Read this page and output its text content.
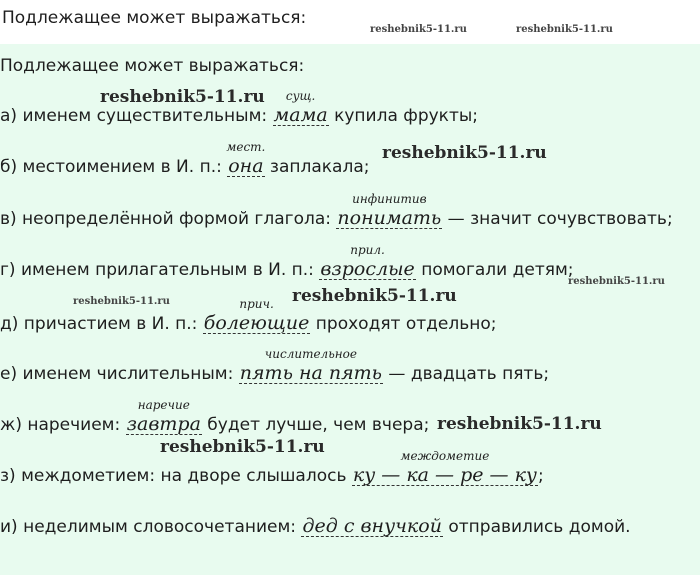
Подлежащее может выражаться:
reshebnik5-11.ru	reshebnik5-11.ru
Подлежащее может выражаться:
reshebnik5-11.ru
reshebnik5-11.ru
reshebnik5-11.ru
reshebnik5-11.ru	reshebnik5-11.ru
reshebnik5-11.ru
reshebnik5-11.ru
а) именем существительным:
сущ.
мама купила фрукты;
б) местоимением в И. п.:
мест.
она заплакала;
в) неопределённой формой глагола:
инфинитив
понимать — значит сочувствовать;
г) именем прилагательным в И. п.:
прил.
взрослые помогали детям;
д) причастием в И. п.:
прич.
болеющие проходят отдельно;
е) именем числительным:
числительное
пять на пять — двадцать пять;
ж) наречием:
наречие
завтра будет лучше, чем вчера;
з) междометием: на дворе слышалось
междометие
ку — ка — ре — ку;
и) неделимым словосочетанием: дед с внучкой отправились домой.
